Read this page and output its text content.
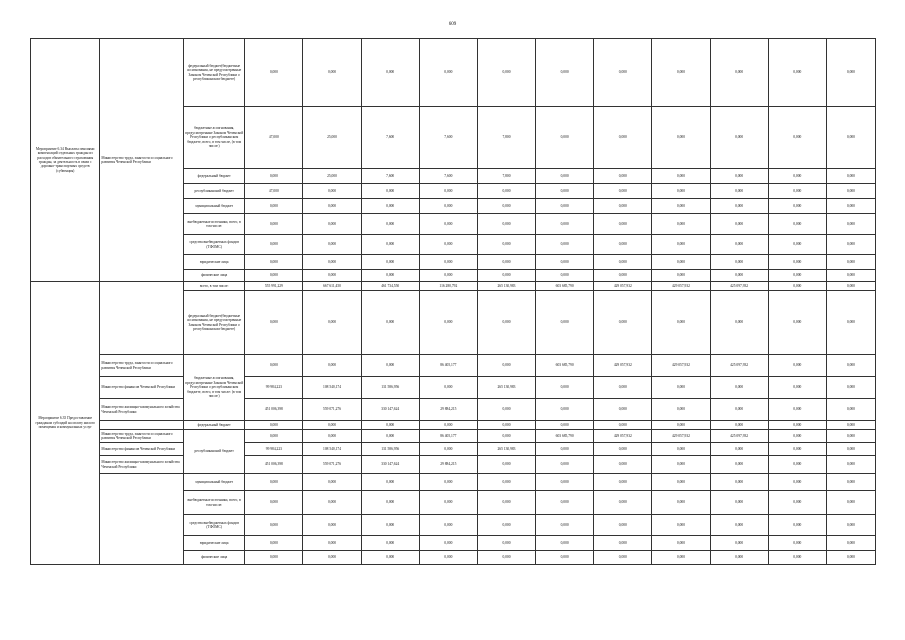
609
Мероприятие 6.34 Выплаты пенсиями компенсаций отдельных граждан из расходов обязательного страхования граждан, за деятельность в связи с дорожно-транспортных средств (субвенция)	Министерство труда, занятости и социального развития Чеченской Республики	федеральный бюджет(бюджетные ассигнования, не предусмотренные Законом Чеченской Республики о республиканском бюджете)	0,000	0,000	0,000	0,000	0,000	0,000	0,000	0,000	0,000	0,000	0,000
		бюджетные ассигнования, предусмотренные Законом Чеченской Республики о республиканском бюджете, всего, в том числе, (в том числе:)	47,000	25,000	7,600	7,600	7,800	0,000	0,000	0,000	0,000	0,000	0,000
		федеральный бюджет	0,000	25,000	7,600	7,600	7,800	0,000	0,000	0,000	0,000	0,000	0,000
		республиканский бюджет	47,000	0,000	0,000	0,000	0,000	0,000	0,000	0,000	0,000	0,000	0,000
		муниципальный бюджет	0,000	0,000	0,000	0,000	0,000	0,000	0,000	0,000	0,000	0,000	0,000
		внебюджетные источники, всего, в том числе:	0,000	0,000	0,000	0,000	0,000	0,000	0,000	0,000	0,000	0,000	0,000
		средства внебюджетных фондов (ТФОМС)	0,000	0,000	0,000	0,000	0,000	0,000	0,000	0,000	0,000	0,000	0,000
		юридические лица	0,000	0,000	0,000	0,000	0,000	0,000	0,000	0,000	0,000	0,000	0,000
		физические лица	0,000	0,000	0,000	0,000	0,000	0,000	0,000	0,000	0,000	0,000	0,000
Мероприятие 6.35 Предоставление гражданам субсидий на оплату жилого помещения и коммунальных услуг		всего, в том числе:	555 991,229	667 611,450	461 734,550	116 280,792	265 130,983	603 685,790	429 057,932	429 057,932	425 097,932	0,000	0,000
		федеральный бюджет(бюджетные ассигнования, не предусмотренные Законом Чеченской Республики о республиканском бюджете)	0,000	0,000	0,000	0,000	0,000	0,000	0,000	0,000	0,000	0,000	0,000
	Министерство труда, занятости и социального развития Чеченской Республики	бюджетные ассигнования, предусмотренные Законом Чеченской Республики о республиканском бюджете, всего, в том числе: (в том числе:)	0,000	0,000	0,000	86 405,177	0,000	603 685,790	429 057,932	429 057,932	425 097,932	0,000	0,000
	Министерство финансов Чеченской Республики		99 984,223	108 540,174	131 586,956	0,000	265 130,983	0,000	0,000	0,000	0,000	0,000	0,000
	Министерство жилищно-коммунального хозяйства Чеченской Республики		451 006,398	559 071,276	330 147,624	29 884,215	0,000	0,000	0,000	0,000	0,000	0,000	0,000
		федеральный бюджет	0,000	0,000	0,000	0,000	0,000	0,000	0,000	0,000	0,000	0,000	0,000
	Министерство труда, занятости и социального развития Чеченской Республики	республиканский бюджет	0,000	0,000	0,000	86 405,177	0,000	603 685,790	429 057,932	429 057,932	425 097,932	0,000	0,000
	Министерство финансов Чеченской Республики		99 984,223	108 540,174	131 586,956	0,000	265 130,983	0,000	0,000	0,000	0,000	0,000	0,000
	Министерство жилищно-коммунального хозяйства Чеченской Республики		451 006,398	559 071,276	330 147,624	29 884,215	0,000	0,000	0,000	0,000	0,000	0,000	0,000
		муниципальный бюджет	0,000	0,000	0,000	0,000	0,000	0,000	0,000	0,000	0,000	0,000	0,000
		внебюджетные источники, всего, в том числе:	0,000	0,000	0,000	0,000	0,000	0,000	0,000	0,000	0,000	0,000	0,000
		средства внебюджетных фондов (ТФОМС)	0,000	0,000	0,000	0,000	0,000	0,000	0,000	0,000	0,000	0,000	0,000
		юридические лица	0,000	0,000	0,000	0,000	0,000	0,000	0,000	0,000	0,000	0,000	0,000
		физические лица	0,000	0,000	0,000	0,000	0,000	0,000	0,000	0,000	0,000	0,000	0,000
